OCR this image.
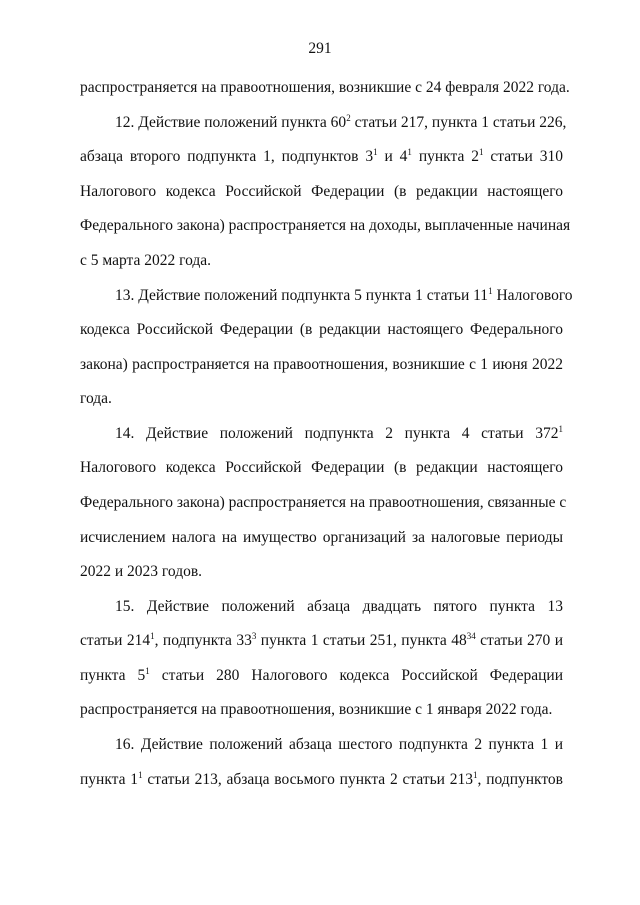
291
распространяется на правоотношения, возникшие с 24 февраля 2022 года.
12. Действие положений пункта $60^2$ статьи 217, пункта 1 статьи 226,
абзаца второго подпункта 1, подпунктов $3^1$ и $4^1$ пункта $2^1$ статьи 310
Налогового кодекса Российской Федерации (в редакции настоящего
Федерального закона) распространяется на доходы, выплаченные начиная
с 5 марта 2022 года.
13. Действие положений подпункта 5 пункта 1 статьи $11^1$ Налогового
кодекса Российской Федерации (в редакции настоящего Федерального
закона) распространяется на правоотношения, возникшие с 1 июня 2022
года.
14. Действие положений подпункта 2 пункта 4 статьи $372^1$
Налогового кодекса Российской Федерации (в редакции настоящего
Федерального закона) распространяется на правоотношения, связанные с
исчислением налога на имущество организаций за налоговые периоды
2022 и 2023 годов.
15. Действие положений абзаца двадцать пятого пункта 13
статьи $214^1$, подпункта $33^3$ пункта 1 статьи 251, пункта $48^{34}$ статьи 270 и
пункта $5^1$ статьи 280 Налогового кодекса Российской Федерации
распространяется на правоотношения, возникшие с 1 января 2022 года.
16. Действие положений абзаца шестого подпункта 2 пункта 1 и
пункта $1^1$ статьи 213, абзаца восьмого пункта 2 статьи $213^1$, подпунктов
